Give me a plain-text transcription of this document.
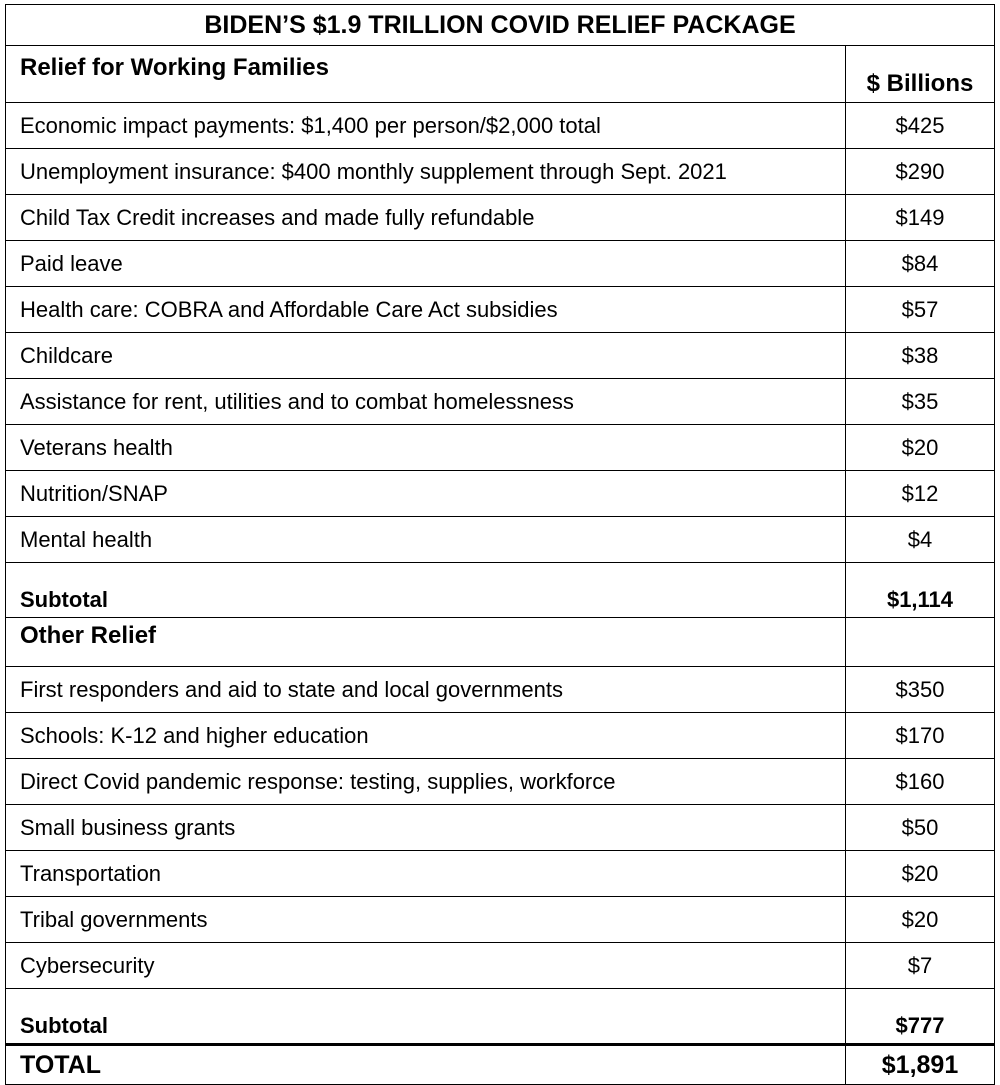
BIDEN’S $1.9 TRILLION COVID RELIEF PACKAGE	
Relief for Working Families	$ Billions
Economic impact payments: $1,400 per person/$2,000 total	$425
Unemployment insurance: $400 monthly supplement through Sept. 2021	$290
Child Tax Credit increases and made fully refundable	$149
Paid leave	$84
Health care: COBRA and Affordable Care Act subsidies	$57
Childcare	$38
Assistance for rent, utilities and to combat homelessness	$35
Veterans health	$20
Nutrition/SNAP	$12
Mental health	$4
Subtotal	$1,114
Other Relief	
First responders and aid to state and local governments	$350
Schools: K-12 and higher education	$170
Direct Covid pandemic response: testing, supplies, workforce	$160
Small business grants	$50
Transportation	$20
Tribal governments	$20
Cybersecurity	$7
Subtotal	$777
TOTAL	$1,891
